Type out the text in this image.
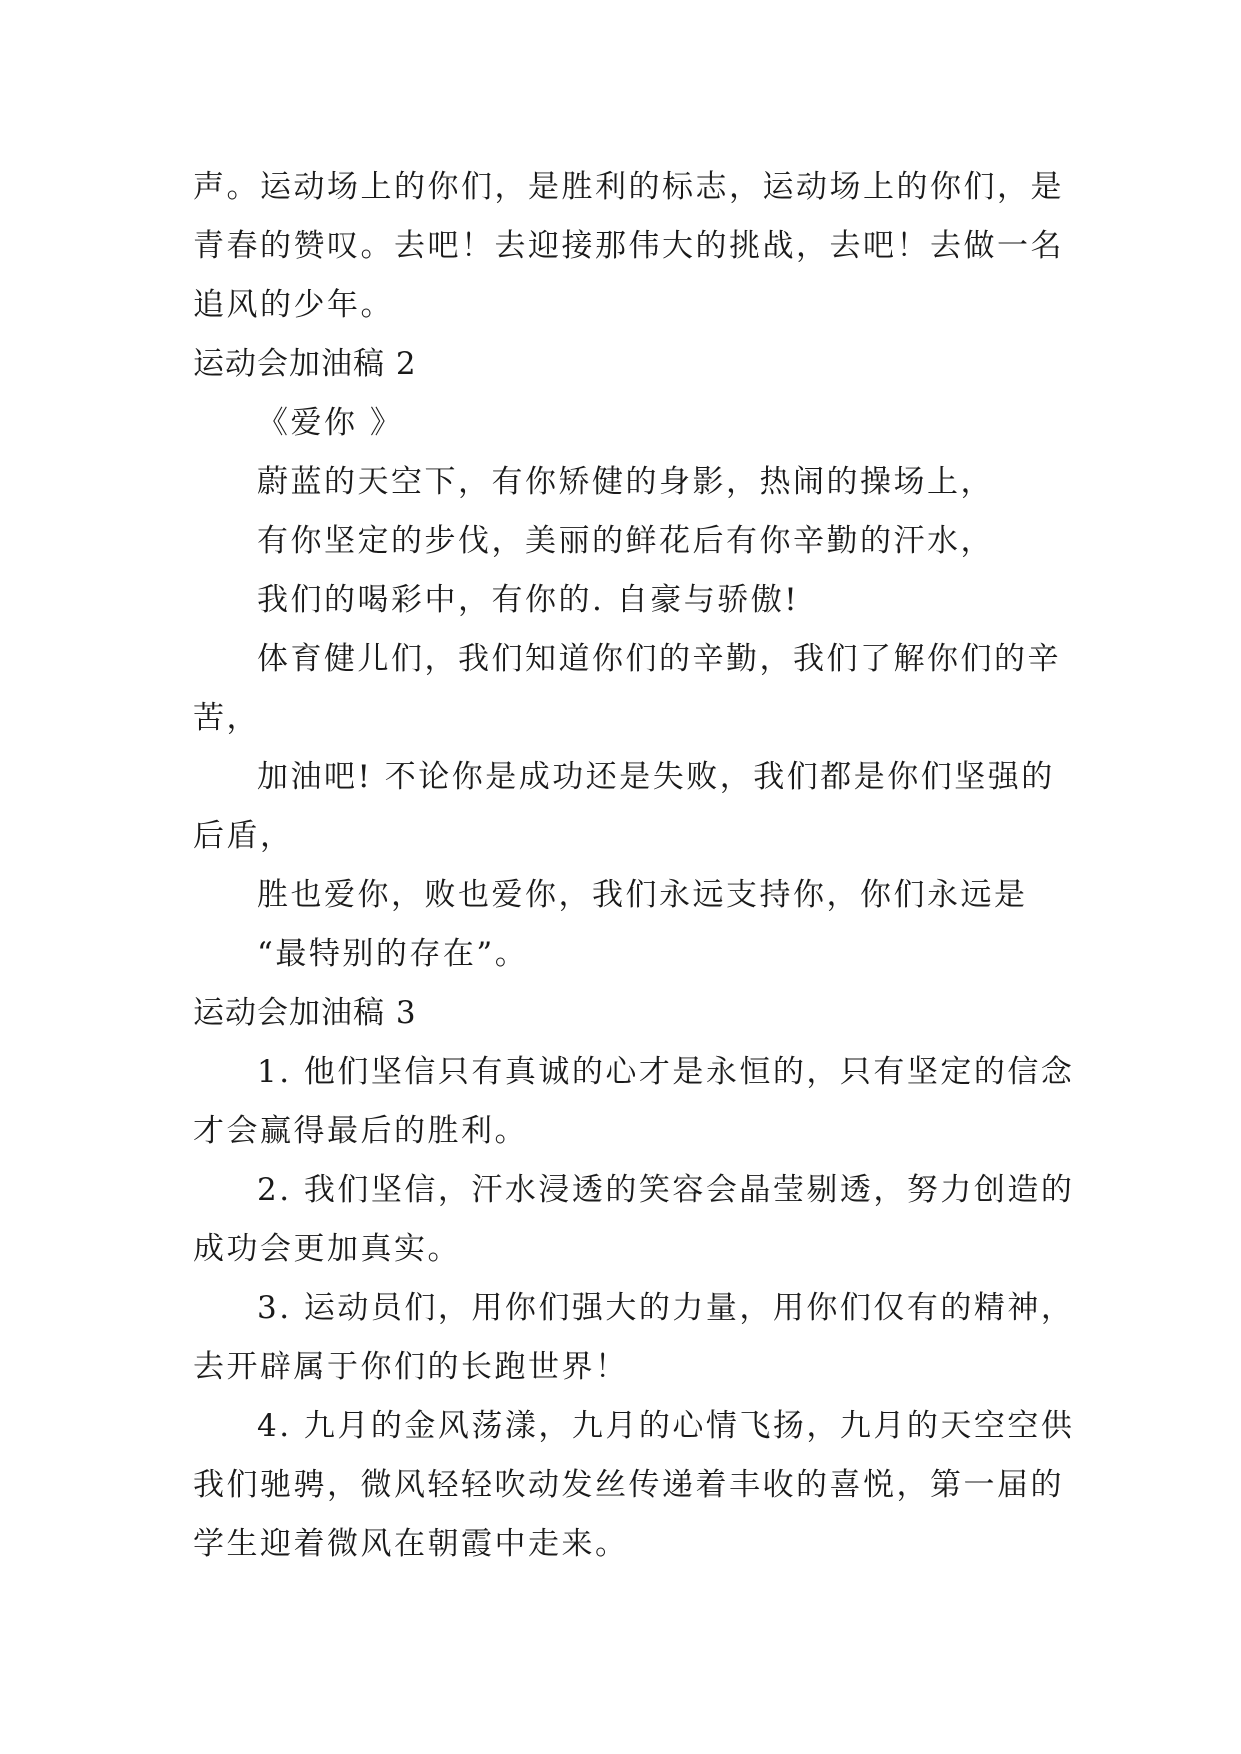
声。运动场上的你们，是胜利的标志，运动场上的你们，是
青春的赞叹。去吧！去迎接那伟大的挑战，去吧！去做一名
追风的少年。
运动会加油稿 2
《爱你 》
蔚蓝的天空下，有你矫健的身影，热闹的操场上，
有你坚定的步伐，美丽的鲜花后有你辛勤的汗水，
我们的喝彩中，有你的. 自豪与骄傲!
体育健儿们，我们知道你们的辛勤，我们了解你们的辛
苦，
加油吧! 不论你是成功还是失败，我们都是你们坚强的
后盾，
胜也爱你，败也爱你，我们永远支持你，你们永远是
“最特别的存在”。
运动会加油稿 3
1. 他们坚信只有真诚的心才是永恒的，只有坚定的信念
才会赢得最后的胜利。
2. 我们坚信，汗水浸透的笑容会晶莹剔透，努力创造的
成功会更加真实。
3. 运动员们，用你们强大的力量，用你们仅有的精神，
去开辟属于你们的长跑世界！
4. 九月的金风荡漾，九月的心情飞扬，九月的天空空供
我们驰骋，微风轻轻吹动发丝传递着丰收的喜悦，第一届的
学生迎着微风在朝霞中走来。
